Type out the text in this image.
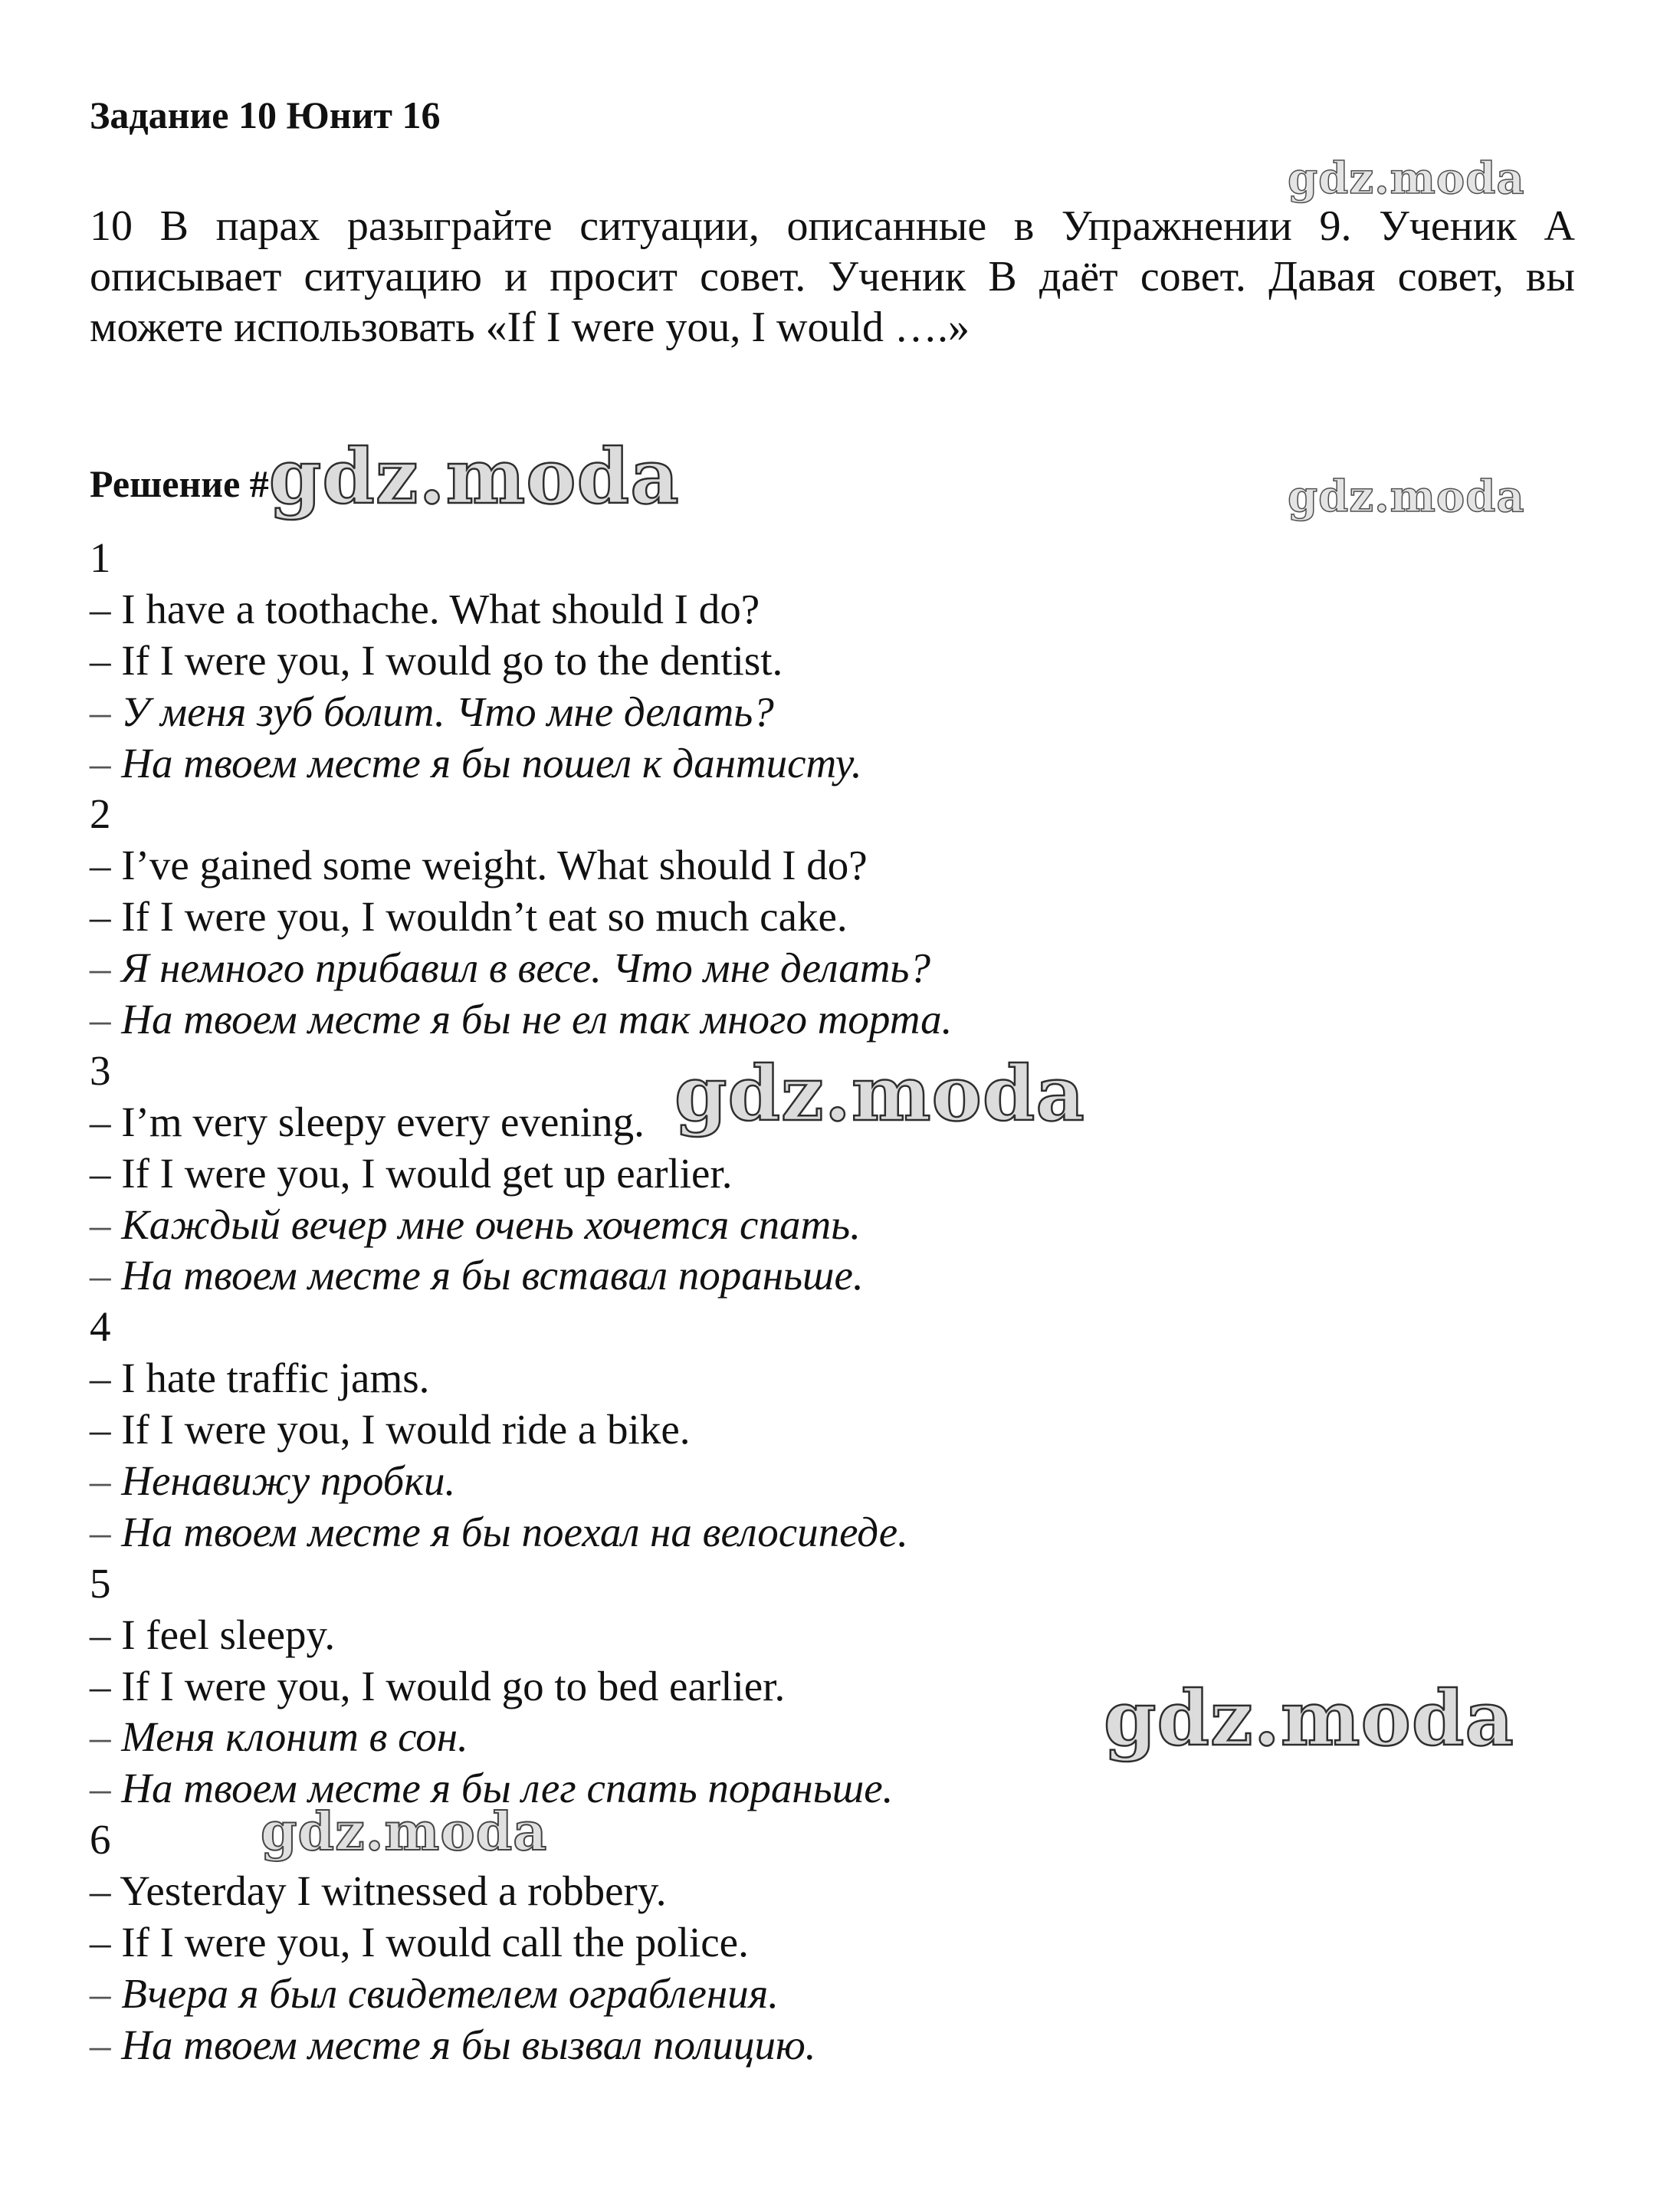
Задание 10 Юнит 16
10 В парах разыграйте ситуации, описанные в Упражнении 9. Ученик А
описывает ситуацию и просит совет. Ученик В даёт совет. Давая совет, вы
можете использовать «If I were you, I would ….»
Решение #gdz.moda
1
– I have a toothache. What should I do?
– If I were you, I would go to the dentist.
– У меня зуб болит. Что мне делать?
– На твоем месте я бы пошел к дантисту.
2
– I’ve gained some weight. What should I do?
– If I were you, I wouldn’t eat so much cake.
– Я немного прибавил в весе. Что мне делать?
– На твоем месте я бы не ел так много торта.
3
– I’m very sleepy every evening.
– If I were you, I would get up earlier.
– Каждый вечер мне очень хочется спать.
– На твоем месте я бы вставал пораньше.
4
– I hate traffic jams.
– If I were you, I would ride a bike.
– Ненавижу пробки.
– На твоем месте я бы поехал на велосипеде.
5
– I feel sleepy.
– If I were you, I would go to bed earlier.
– Меня клонит в сон.
– На твоем месте я бы лег спать пораньше.
6
– Yesterday I witnessed a robbery.
– If I were you, I would call the police.
– Вчера я был свидетелем ограбления.
– На твоем месте я бы вызвал полицию.
gdz.moda
gdz.moda
gdz.moda
gdz.moda
gdz.moda
